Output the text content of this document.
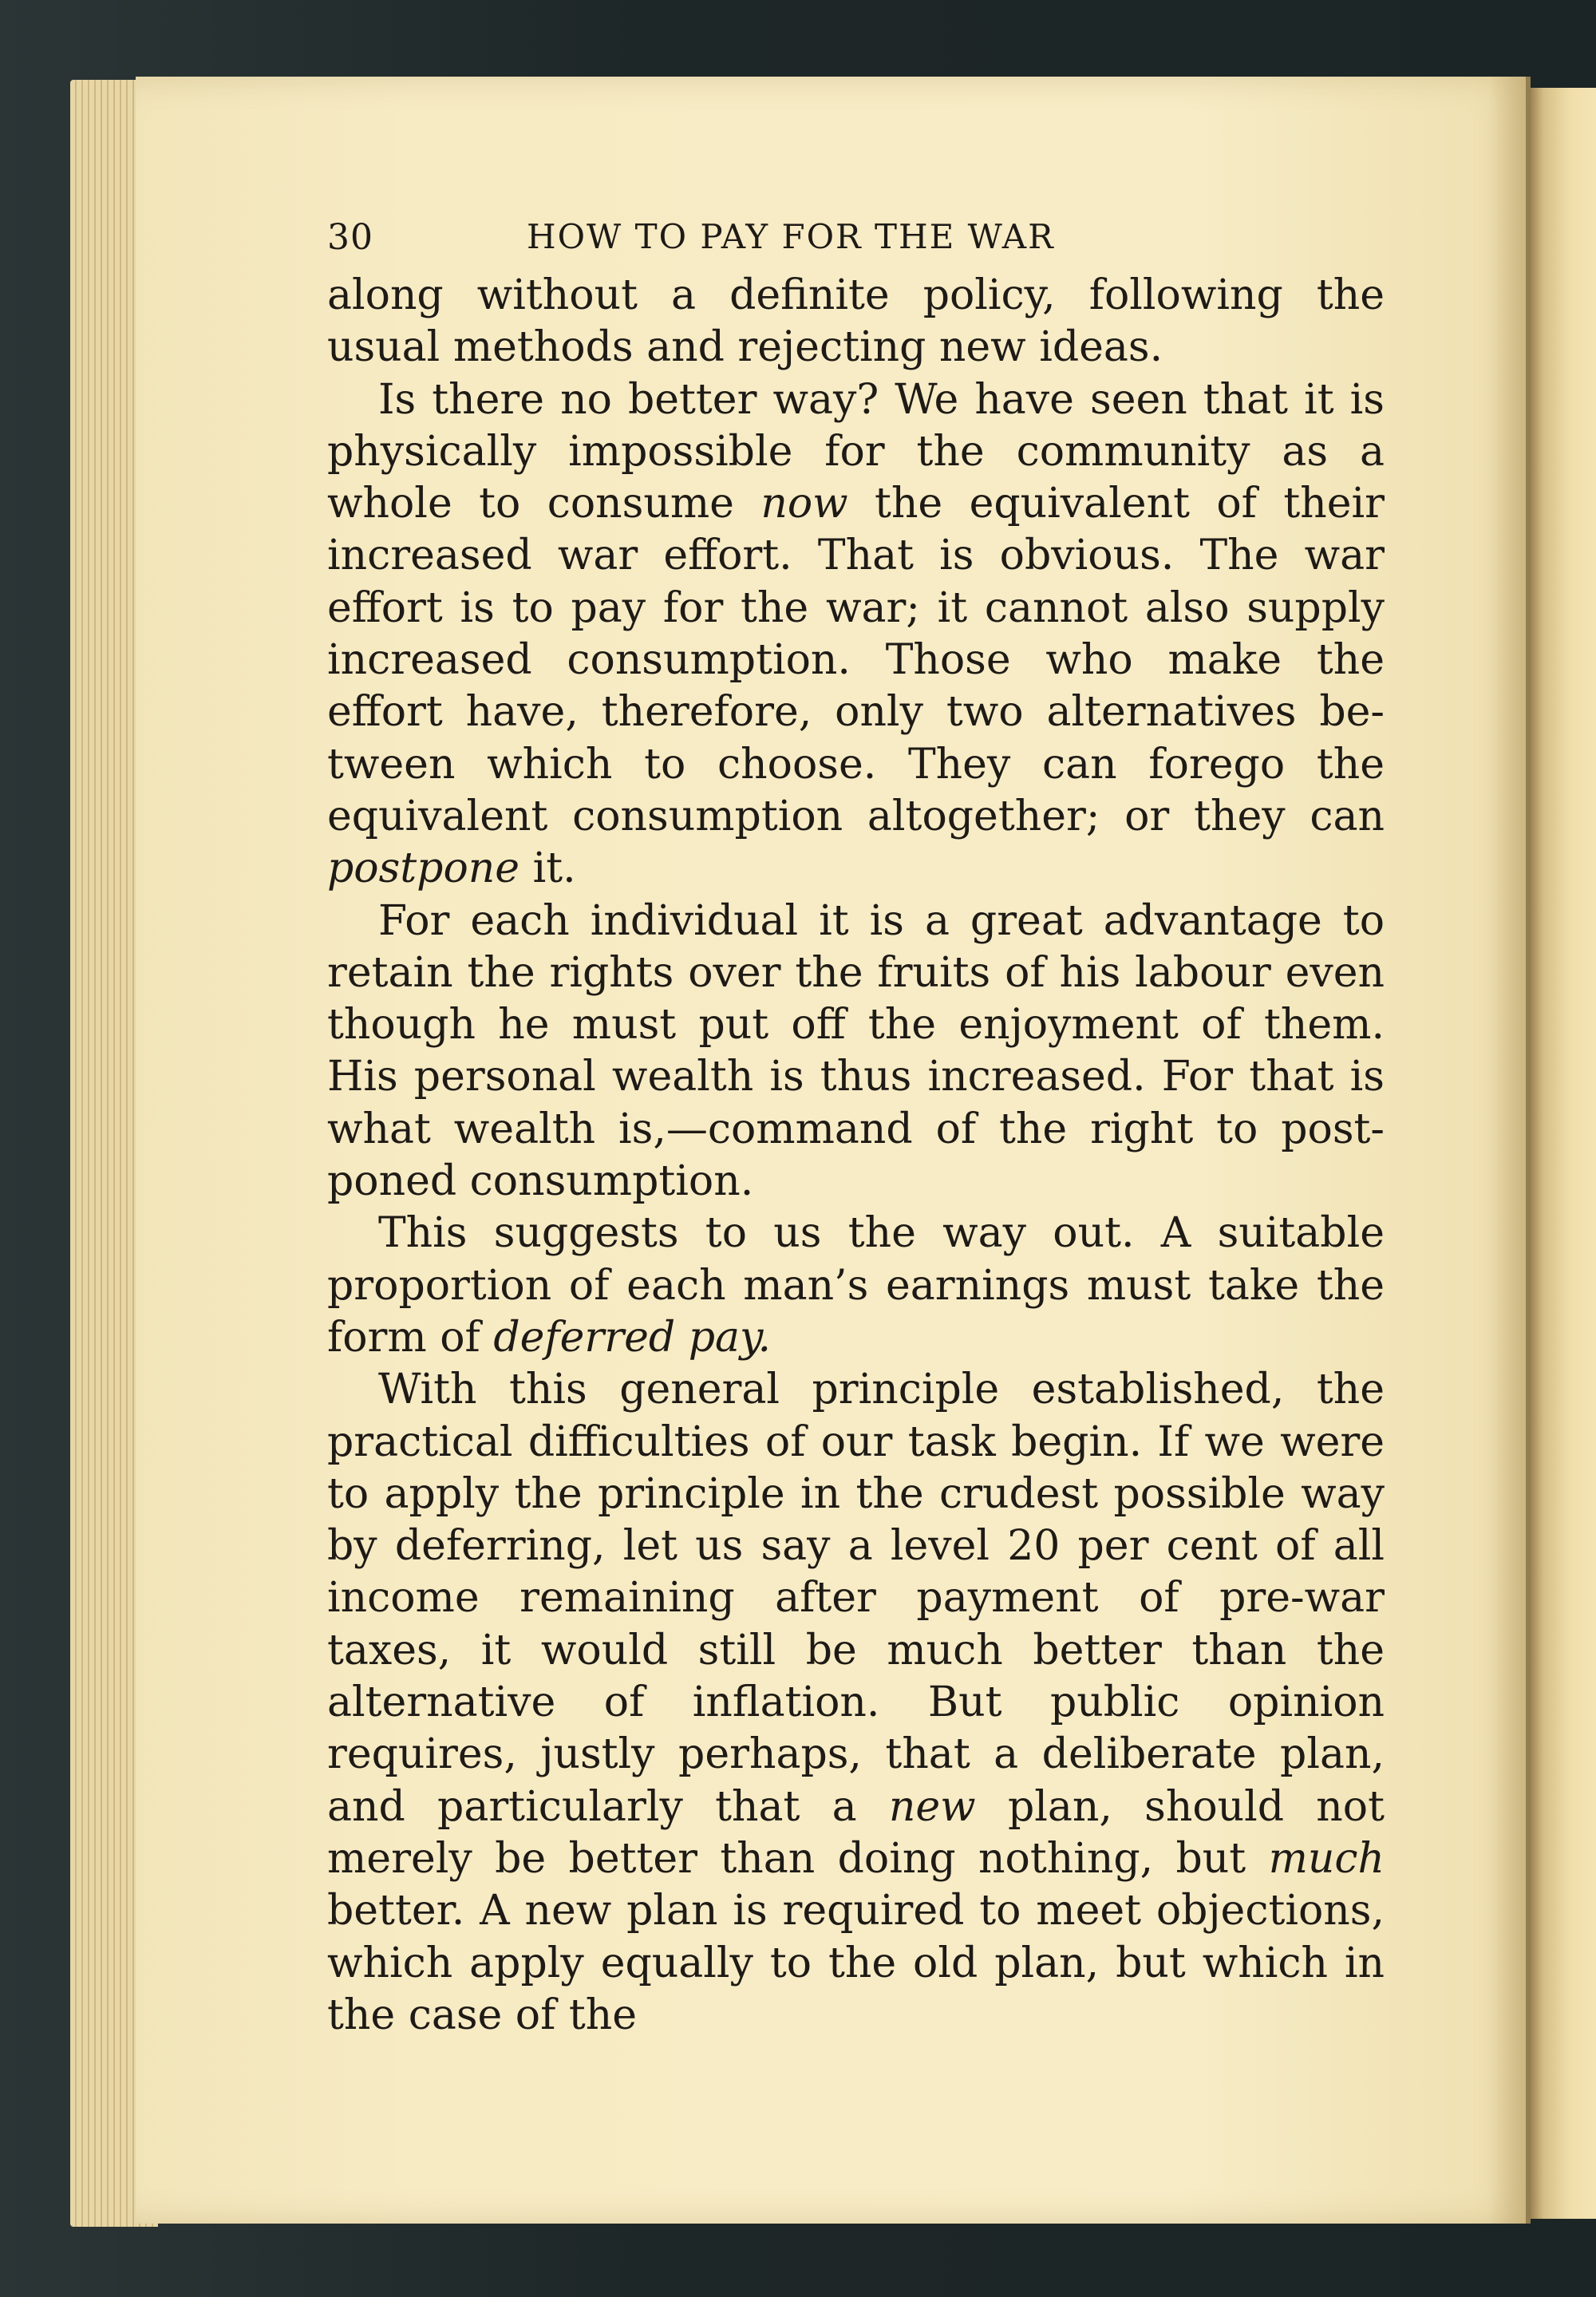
30	HOW TO PAY FOR THE WAR

along without a definite policy, following the usual methods and rejecting new ideas.

Is there no better way? We have seen that it is physically impossible for the community as a whole to consume now the equivalent of their increased war effort. That is obvious. The war effort is to pay for the war; it cannot also supply increased consumption. Those who make the effort have, therefore, only two alternatives between which to choose. They can forego the equivalent consumption altogether; or they can postpone it.

For each individual it is a great advantage to retain the rights over the fruits of his labour even though he must put off the enjoyment of them. His personal wealth is thus increased. For that is what wealth is,—command of the right to postponed consumption.

This suggests to us the way out. A suitable proportion of each man’s earnings must take the form of deferred pay.

With this general principle established, the practical difficulties of our task begin. If we were to apply the principle in the crudest possible way by deferring, let us say a level 20 per cent of all income remaining after payment of pre-war taxes, it would still be much better than the alternative of inflation. But public opinion requires, justly perhaps, that a deliberate plan, and particularly that a new plan, should not merely be better than doing nothing, but much better. A new plan is required to meet objections, which apply equally to the old plan, but which in the case of the
